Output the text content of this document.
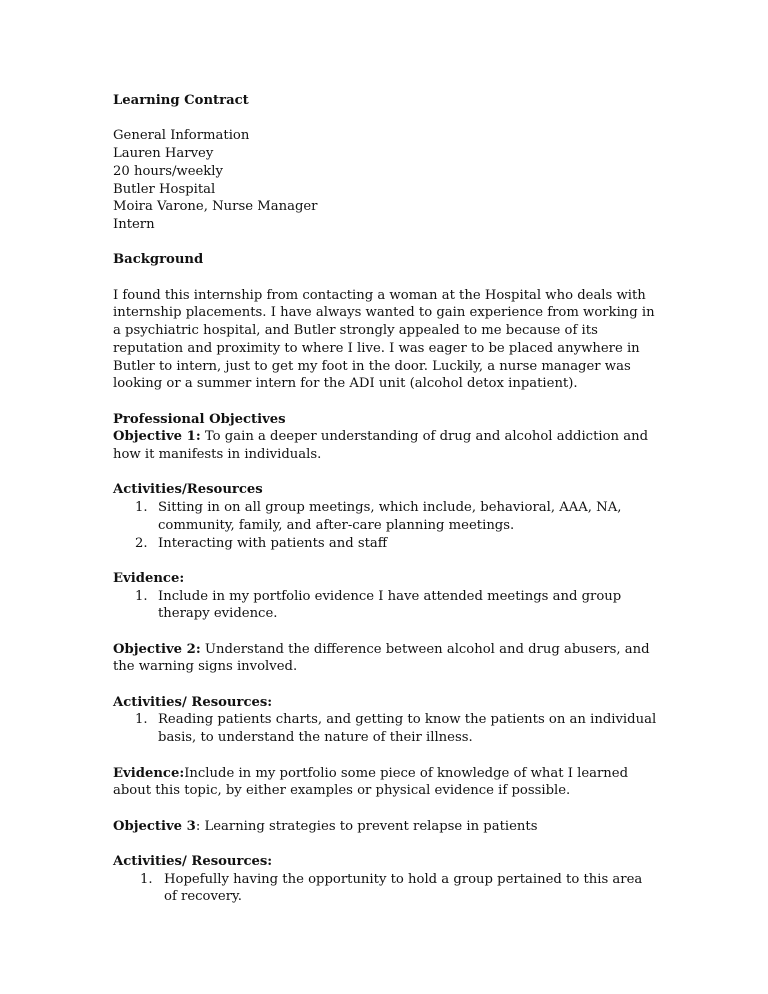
Learning Contract
General Information
Lauren Harvey
20 hours/weekly
Butler Hospital
Moira Varone, Nurse Manager
Intern
Background

I found this internship from contacting a woman at the Hospital who deals with internship placements. I have always wanted to gain experience from working in a psychiatric hospital, and Butler strongly appealed to me because of its reputation and proximity to where I live. I was eager to be placed anywhere in Butler to intern, just to get my foot in the door. Luckily, a nurse manager was looking or a summer intern for the ADI unit (alcohol detox inpatient).

Professional Objectives

Objective 1: To gain a deeper understanding of drug and alcohol addiction and how it manifests in individuals.

Activities/Resources
1. Sitting in on all group meetings, which include, behavioral, AAA, NA, community, family, and after-care planning meetings.
2. Interacting with patients and staff
Evidence:
1. Include in my portfolio evidence I have attended meetings and group therapy evidence.

Objective 2: Understand the difference between alcohol and drug abusers, and the warning signs involved.

Activities/ Resources:
1. Reading patients charts, and getting to know the patients on an individual basis, to understand the nature of their illness.

Evidence:Include in my portfolio some piece of knowledge of what I learned about this topic, by either examples or physical evidence if possible.

Objective 3: Learning strategies to prevent relapse in patients

Activities/ Resources:
1. Hopefully having the opportunity to hold a group pertained to this area of recovery.
